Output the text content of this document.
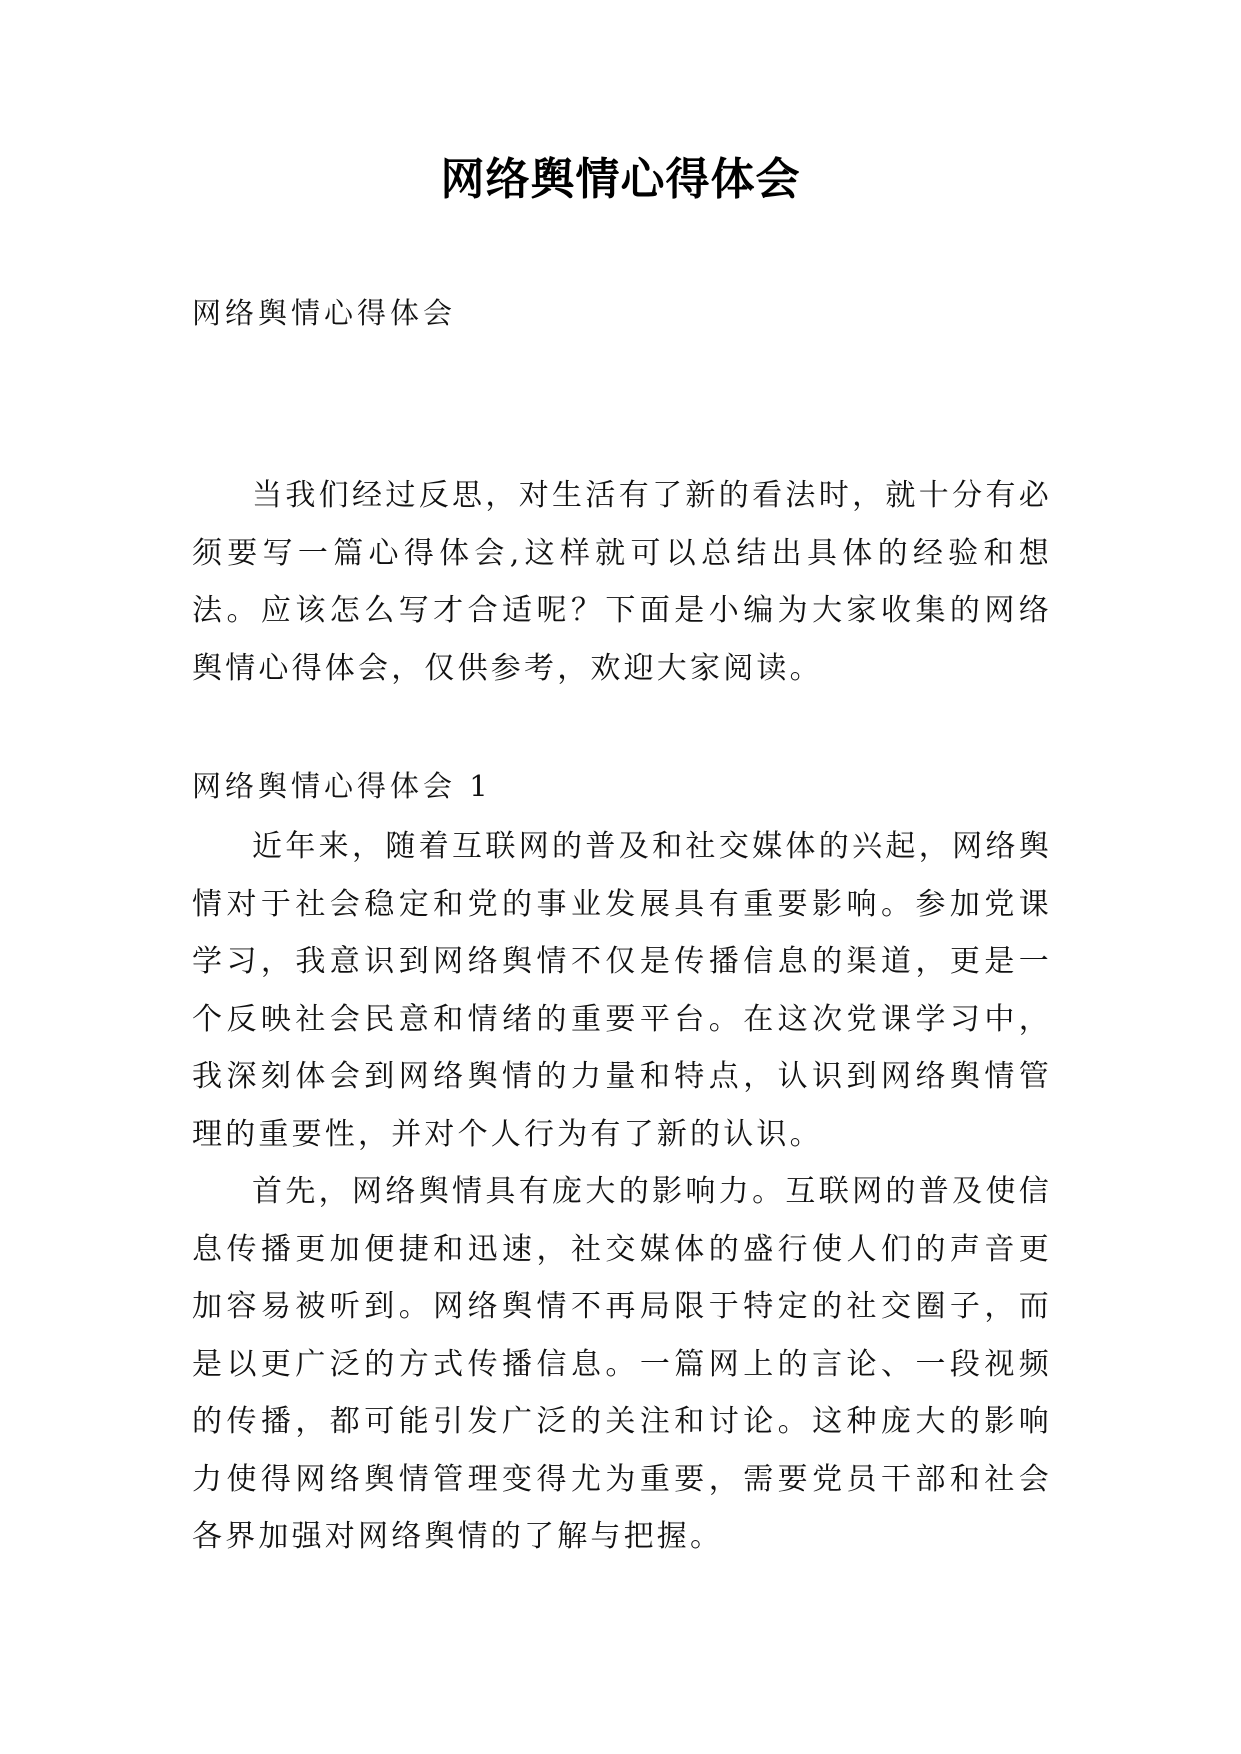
网络舆情心得体会
网络舆情心得体会

当我们经过反思，对生活有了新的看法时，就十分有必须要写一篇心得体会,这样就可以总结出具体的经验和想法。应该怎么写才合适呢？下面是小编为大家收集的网络舆情心得体会，仅供参考，欢迎大家阅读。

网络舆情心得体会 1

近年来，随着互联网的普及和社交媒体的兴起，网络舆情对于社会稳定和党的事业发展具有重要影响。参加党课学习，我意识到网络舆情不仅是传播信息的渠道，更是一个反映社会民意和情绪的重要平台。在这次党课学习中，我深刻体会到网络舆情的力量和特点，认识到网络舆情管理的重要性，并对个人行为有了新的认识。

首先，网络舆情具有庞大的影响力。互联网的普及使信息传播更加便捷和迅速，社交媒体的盛行使人们的声音更加容易被听到。网络舆情不再局限于特定的社交圈子，而是以更广泛的方式传播信息。一篇网上的言论、一段视频的传播，都可能引发广泛的关注和讨论。这种庞大的影响力使得网络舆情管理变得尤为重要，需要党员干部和社会各界加强对网络舆情的了解与把握。
